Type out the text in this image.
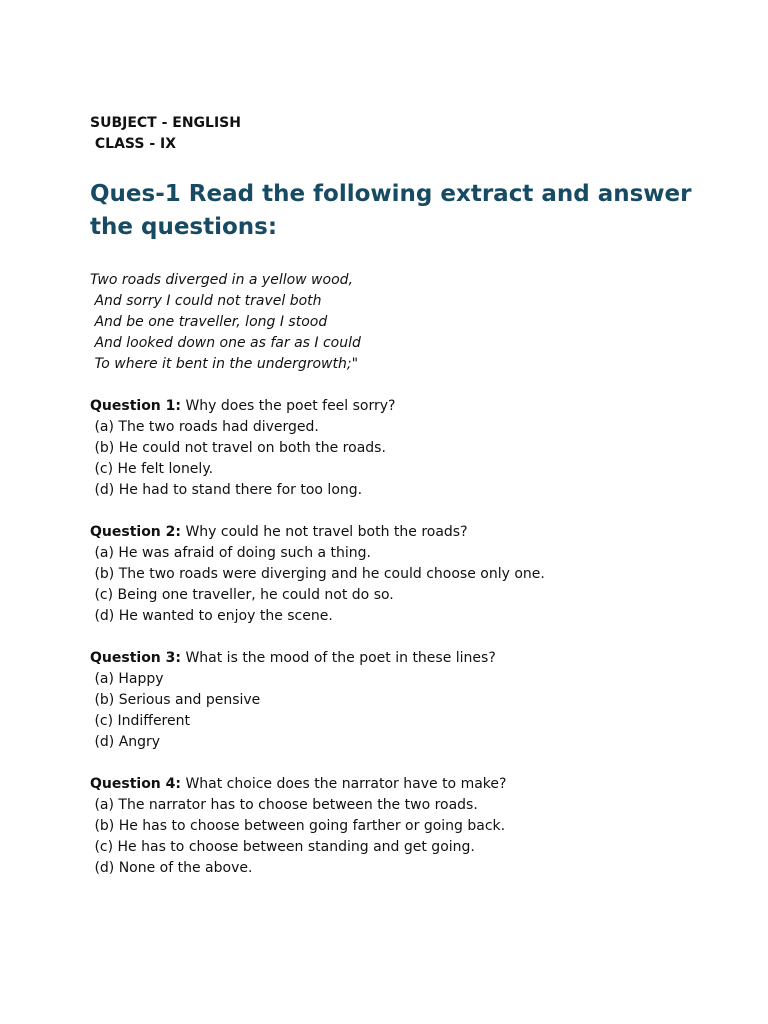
SUBJECT - ENGLISH

CLASS - IX

Ques-1 Read the following extract and answer the questions:

Two roads diverged in a yellow wood,

And sorry I could not travel both

And be one traveller, long I stood

And looked down one as far as I could

To where it bent in the undergrowth;"

Question 1: Why does the poet feel sorry?

(a) The two roads had diverged.

(b) He could not travel on both the roads.

(c) He felt lonely.

(d) He had to stand there for too long.

Question 2: Why could he not travel both the roads?

(a) He was afraid of doing such a thing.

(b) The two roads were diverging and he could choose only one.

(c) Being one traveller, he could not do so.

(d) He wanted to enjoy the scene.

Question 3: What is the mood of the poet in these lines?

(a) Happy

(b) Serious and pensive

(c) Indifferent

(d) Angry

Question 4: What choice does the narrator have to make?

(a) The narrator has to choose between the two roads.

(b) He has to choose between going farther or going back.

(c) He has to choose between standing and get going.

(d) None of the above.
